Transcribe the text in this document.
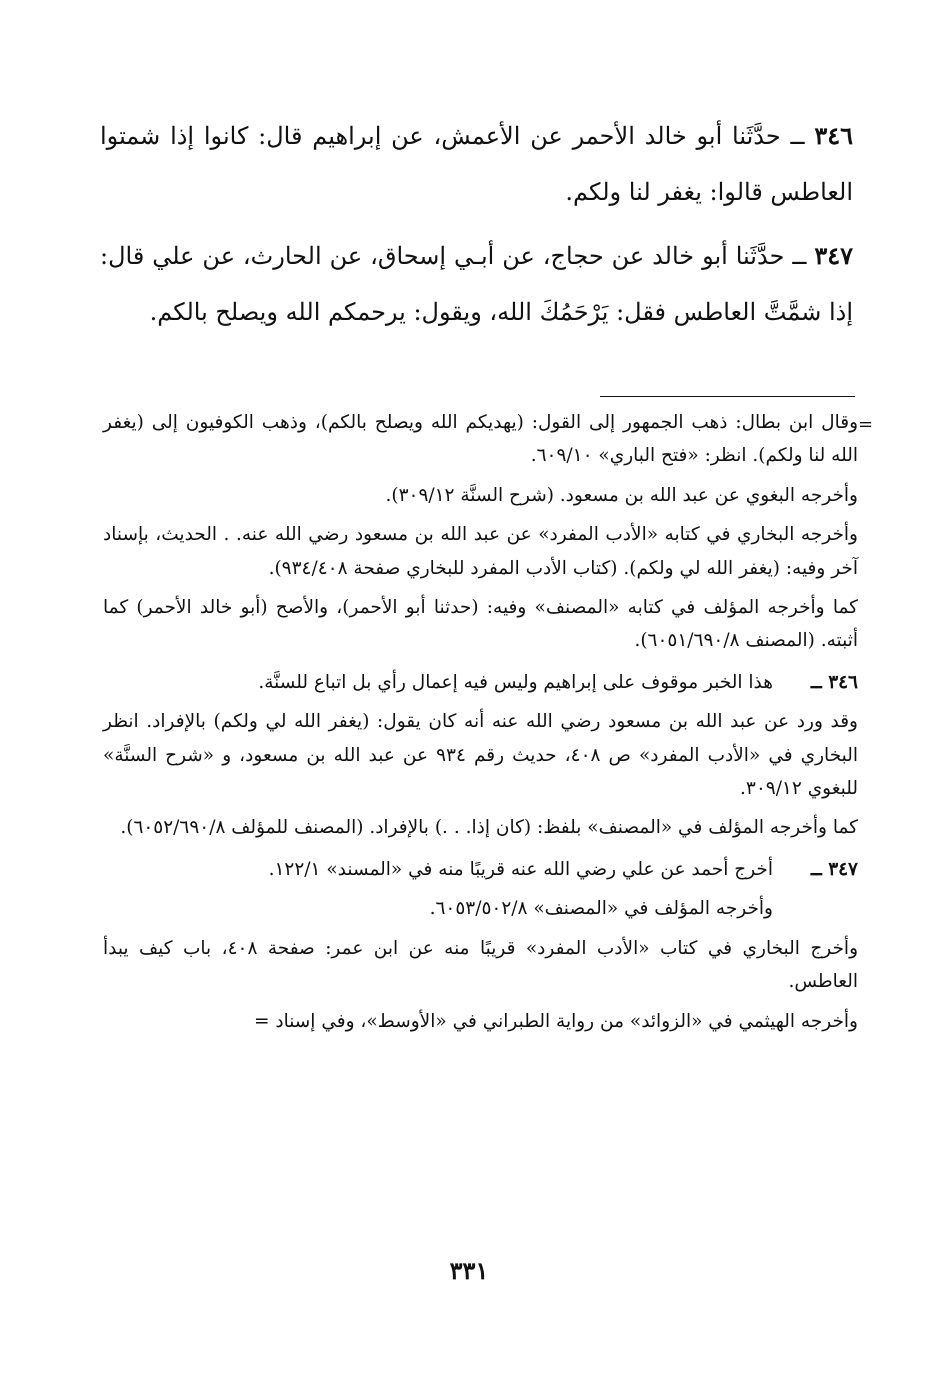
٣٤٦ ــ حدَّثَنا أبو خالد الأحمر عن الأعمش، عن إبراهيم قال: كانوا إذا شمتوا العاطس قالوا: يغفر لنا ولكم.

٣٤٧ ــ حدَّثَنا أبو خالد عن حجاج، عن أبـي إسحاق، عن الحارث، عن علي قال: إذا شمَّتَّ العاطس فقل: يَرْحَمُكَ الله، ويقول: يرحمكم الله ويصلح بالكم.

=

وقال ابن بطال: ذهب الجمهور إلى القول: (يهديكم الله ويصلح بالكم)، وذهب الكوفيون إلى (يغفر الله لنا ولكم). انظر: «فتح الباري» ٦٠٩/١٠.

وأخرجه البغوي عن عبد الله بن مسعود. (شرح السنَّة ٣٠٩/١٢).

وأخرجه البخاري في كتابه «الأدب المفرد» عن عبد الله بن مسعود رضي الله عنه. . الحديث، بإسناد آخر وفيه: (يغفر الله لي ولكم). (كتاب الأدب المفرد للبخاري صفحة ٩٣٤/٤٠٨).

كما وأخرجه المؤلف في كتابه «المصنف» وفيه: (حدثنا أبو الأحمر)، والأصح (أبو خالد الأحمر) كما أثبته. (المصنف ٦٠٥١/٦٩٠/٨).

٣٤٦ ــ

هذا الخبر موقوف على إبراهيم وليس فيه إعمال رأي بل اتباع للسنَّة.

وقد ورد عن عبد الله بن مسعود رضي الله عنه أنه كان يقول: (يغفر الله لي ولكم) بالإفراد. انظر البخاري في «الأدب المفرد» ص ٤٠٨، حديث رقم ٩٣٤ عن عبد الله بن مسعود، و «شرح السنَّة» للبغوي ٣٠٩/١٢.

كما وأخرجه المؤلف في «المصنف» بلفظ: (كان إذا. . .) بالإفراد. (المصنف للمؤلف ٦٠٥٢/٦٩٠/٨).

٣٤٧ ــ

أخرج أحمد عن علي رضي الله عنه قريبًا منه في «المسند» ١٢٢/١.

وأخرجه المؤلف في «المصنف» ٦٠٥٣/٥٠٢/٨.

وأخرج البخاري في كتاب «الأدب المفرد» قريبًا منه عن ابن عمر: صفحة ٤٠٨، باب كيف يبدأ العاطس.

وأخرجه الهيثمي في «الزوائد» من رواية الطبراني في «الأوسط»، وفي إسناد =

٣٣١
